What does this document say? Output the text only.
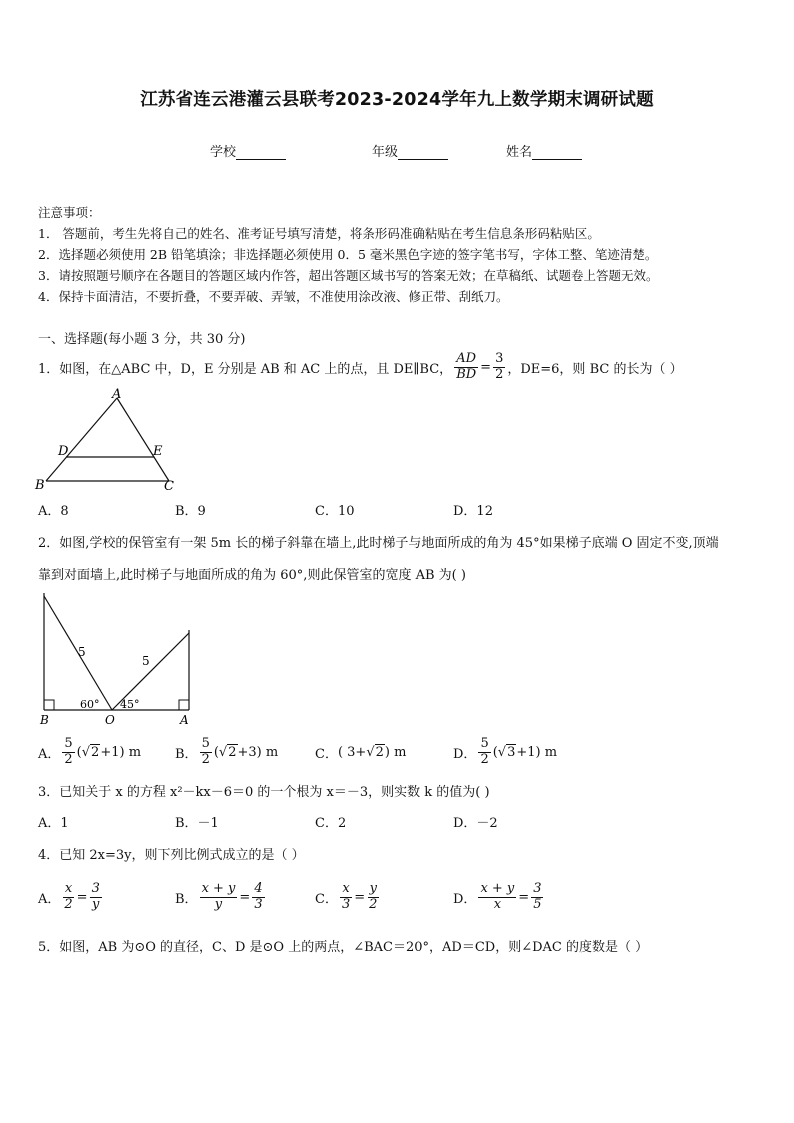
江苏省连云港灌云县联考2023-2024学年九上数学期末调研试题
学校	年级	姓名
注意事项：
1． 答题前，考生先将自己的姓名、准考证号填写清楚，将条形码准确粘贴在考生信息条形码粘贴区。
2．选择题必须使用 2B 铅笔填涂；非选择题必须使用 0．5 毫米黑色字迹的签字笔书写，字体工整、笔迹清楚。
3．请按照题号顺序在各题目的答题区域内作答，超出答题区域书写的答案无效；在草稿纸、试题卷上答题无效。
4．保持卡面清洁，不要折叠，不要弄破、弄皱，不准使用涂改液、修正带、刮纸刀。
一、选择题(每小题 3 分，共 30 分)
1．如图，在△ABC 中，D，E 分别是 AB 和 AC 上的点，且 DE∥BC， $\frac{AD}{BD} = \frac{3}{2}$ ，DE=6，则 BC 的长为（ ）
A
B	C
D	E
A．8	B．9	C．10	D．12
2．如图,学校的保管室有一架 5m 长的梯子斜靠在墙上,此时梯子与地面所成的角为 45°如果梯子底端 O 固定不变,顶端
靠到对面墙上,此时梯子与地面所成的角为 60°,则此保管室的宽度 AB 为( )
5
5
60° 45°
B	O	A
A． $\frac{5}{2}$ ( √2 +1) m	B． $\frac{5}{2}$ ( √2 +3) m	C． ( 3+ √2 ) m	D． $\frac{5}{2}$ ( √3 +1) m
3．已知关于 x 的方程 x²－kx－6＝0 的一个根为 x＝－3，则实数 k 的值为( )
A．1	B．－1	C．2	D．－2
4．已知 2x=3y，则下列比例式成立的是（ ）
A． $\frac{x}{2} = \frac{3}{y}$	B． $\frac{x + y}{y} = \frac{4}{3}$	C． $\frac{x}{3} = \frac{y}{2}$	D． $\frac{x + y}{x} = \frac{3}{5}$
5．如图，AB 为⊙O 的直径，C、D 是⊙O 上的两点，∠BAC＝20°，AD＝CD，则∠DAC 的度数是（ ）
